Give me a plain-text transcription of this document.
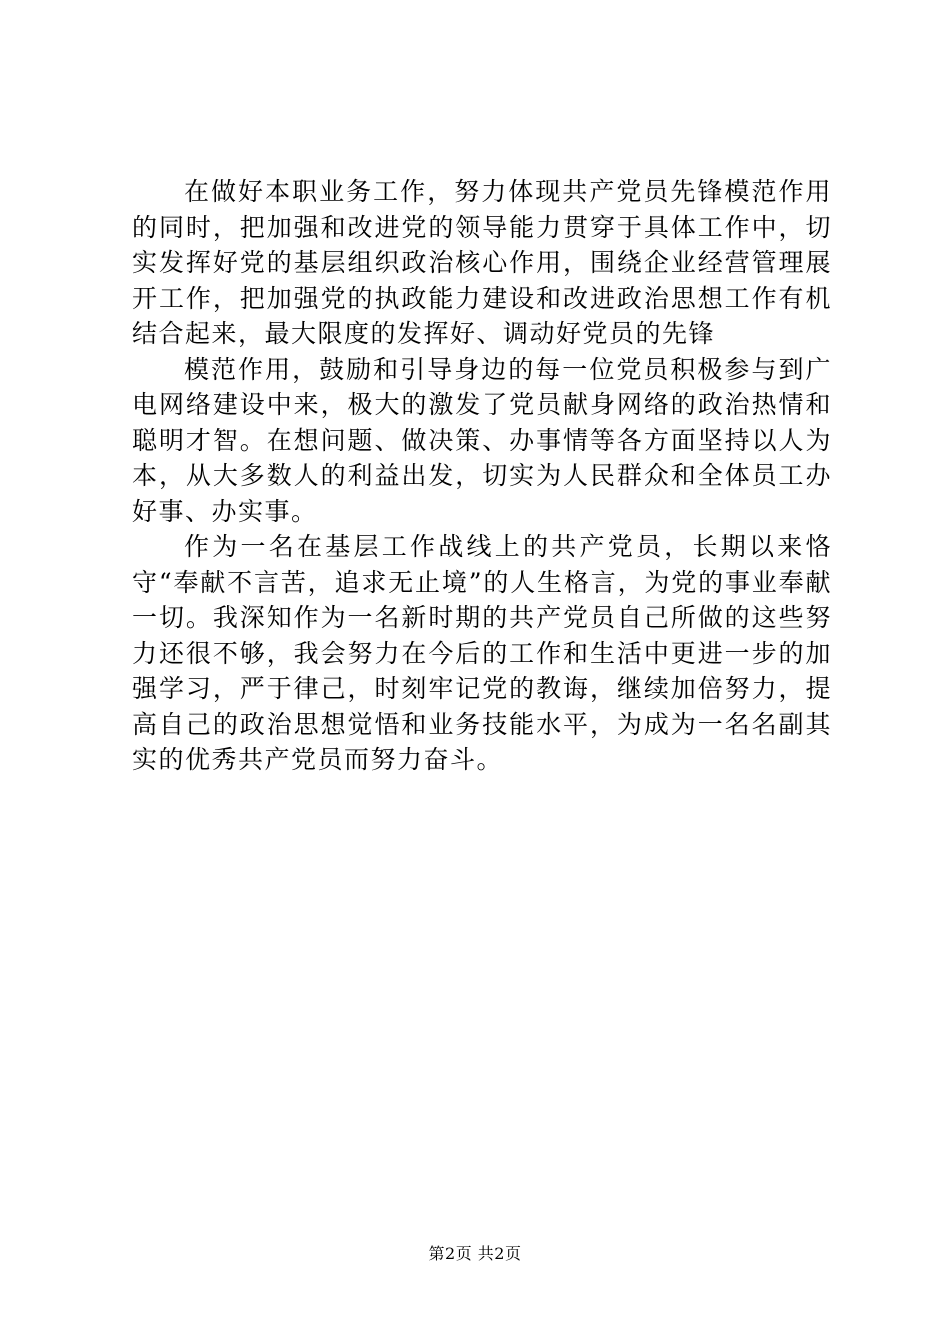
在做好本职业务工作，努力体现共产党员先锋模范作用的同时，把加强和改进党的领导能力贯穿于具体工作中，切实发挥好党的基层组织政治核心作用，围绕企业经营管理展开工作，把加强党的执政能力建设和改进政治思想工作有机结合起来，最大限度的发挥好、调动好党员的先锋

模范作用，鼓励和引导身边的每一位党员积极参与到广电网络建设中来，极大的激发了党员献身网络的政治热情和聪明才智。在想问题、做决策、办事情等各方面坚持以人为本，从大多数人的利益出发，切实为人民群众和全体员工办好事、办实事。

作为一名在基层工作战线上的共产党员，长期以来恪守“奉献不言苦，追求无止境”的人生格言，为党的事业奉献一切。我深知作为一名新时期的共产党员自己所做的这些努力还很不够，我会努力在今后的工作和生活中更进一步的加强学习，严于律己，时刻牢记党的教诲，继续加倍努力，提高自己的政治思想觉悟和业务技能水平，为成为一名名副其实的优秀共产党员而努力奋斗。

第2页 共2页
